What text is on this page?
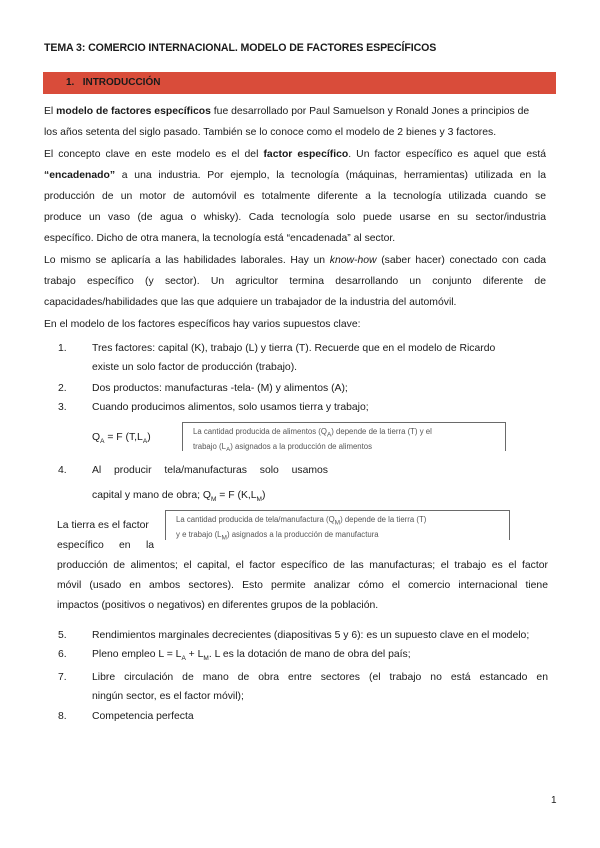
TEMA 3: COMERCIO INTERNACIONAL. MODELO DE FACTORES ESPECÍFICOS
1. INTRODUCCIÓN
El modelo de factores específicos fue desarrollado por Paul Samuelson y Ronald Jones a principios de
los años setenta del siglo pasado. También se lo conoce como el modelo de 2 bienes y 3 factores.
El concepto clave en este modelo es el del factor específico. Un factor específico es aquel que está
“encadenado” a una industria. Por ejemplo, la tecnología (máquinas, herramientas) utilizada en la
producción de un motor de automóvil es totalmente diferente a la tecnología utilizada cuando se
produce un vaso (de agua o whisky). Cada tecnología solo puede usarse en su sector/industria
específico. Dicho de otra manera, la tecnología está “encadenada” al sector.
Lo mismo se aplicaría a las habilidades laborales. Hay un know-how (saber hacer) conectado con cada
trabajo específico (y sector). Un agricultor termina desarrollando un conjunto diferente de
capacidades/habilidades que las que adquiere un trabajador de la industria del automóvil.
En el modelo de los factores específicos hay varios supuestos clave:
1. Tres factores: capital (K), trabajo (L) y tierra (T). Recuerde que en el modelo de Ricardo
existe un solo factor de producción (trabajo).
2. Dos productos: manufacturas -tela- (M) y alimentos (A);
3. Cuando producimos alimentos, solo usamos tierra y trabajo;
$Q_A = F$ $(T,L_A)$
La cantidad producida de alimentos $(Q_A)$ depende de la tierra (T) y el
trabajo $(L_A)$ asignados a la producción de alimentos
4. Al producir tela/manufacturas solo usamos
capital y mano de obra; $Q_M = F$ $(K,L_M)$
La cantidad producida de tela/manufactura $(Q_M)$ depende de la tierra (T)
y e trabajo $(L_M)$ asignados a la producción de manufactura
La tierra es el factor
específico en la
producción de alimentos; el capital, el factor específico de las manufacturas; el trabajo es el factor
móvil (usado en ambos sectores). Esto permite analizar cómo el comercio internacional tiene
impactos (positivos o negativos) en diferentes grupos de la población.
5. Rendimientos marginales decrecientes (diapositivas 5 y 6): es un supuesto clave en el modelo;
6. Pleno empleo $L = L_A + L_M$. L es la dotación de mano de obra del país;
7. Libre circulación de mano de obra entre sectores (el trabajo no está estancado en
ningún sector, es el factor móvil);
8. Competencia perfecta
1
